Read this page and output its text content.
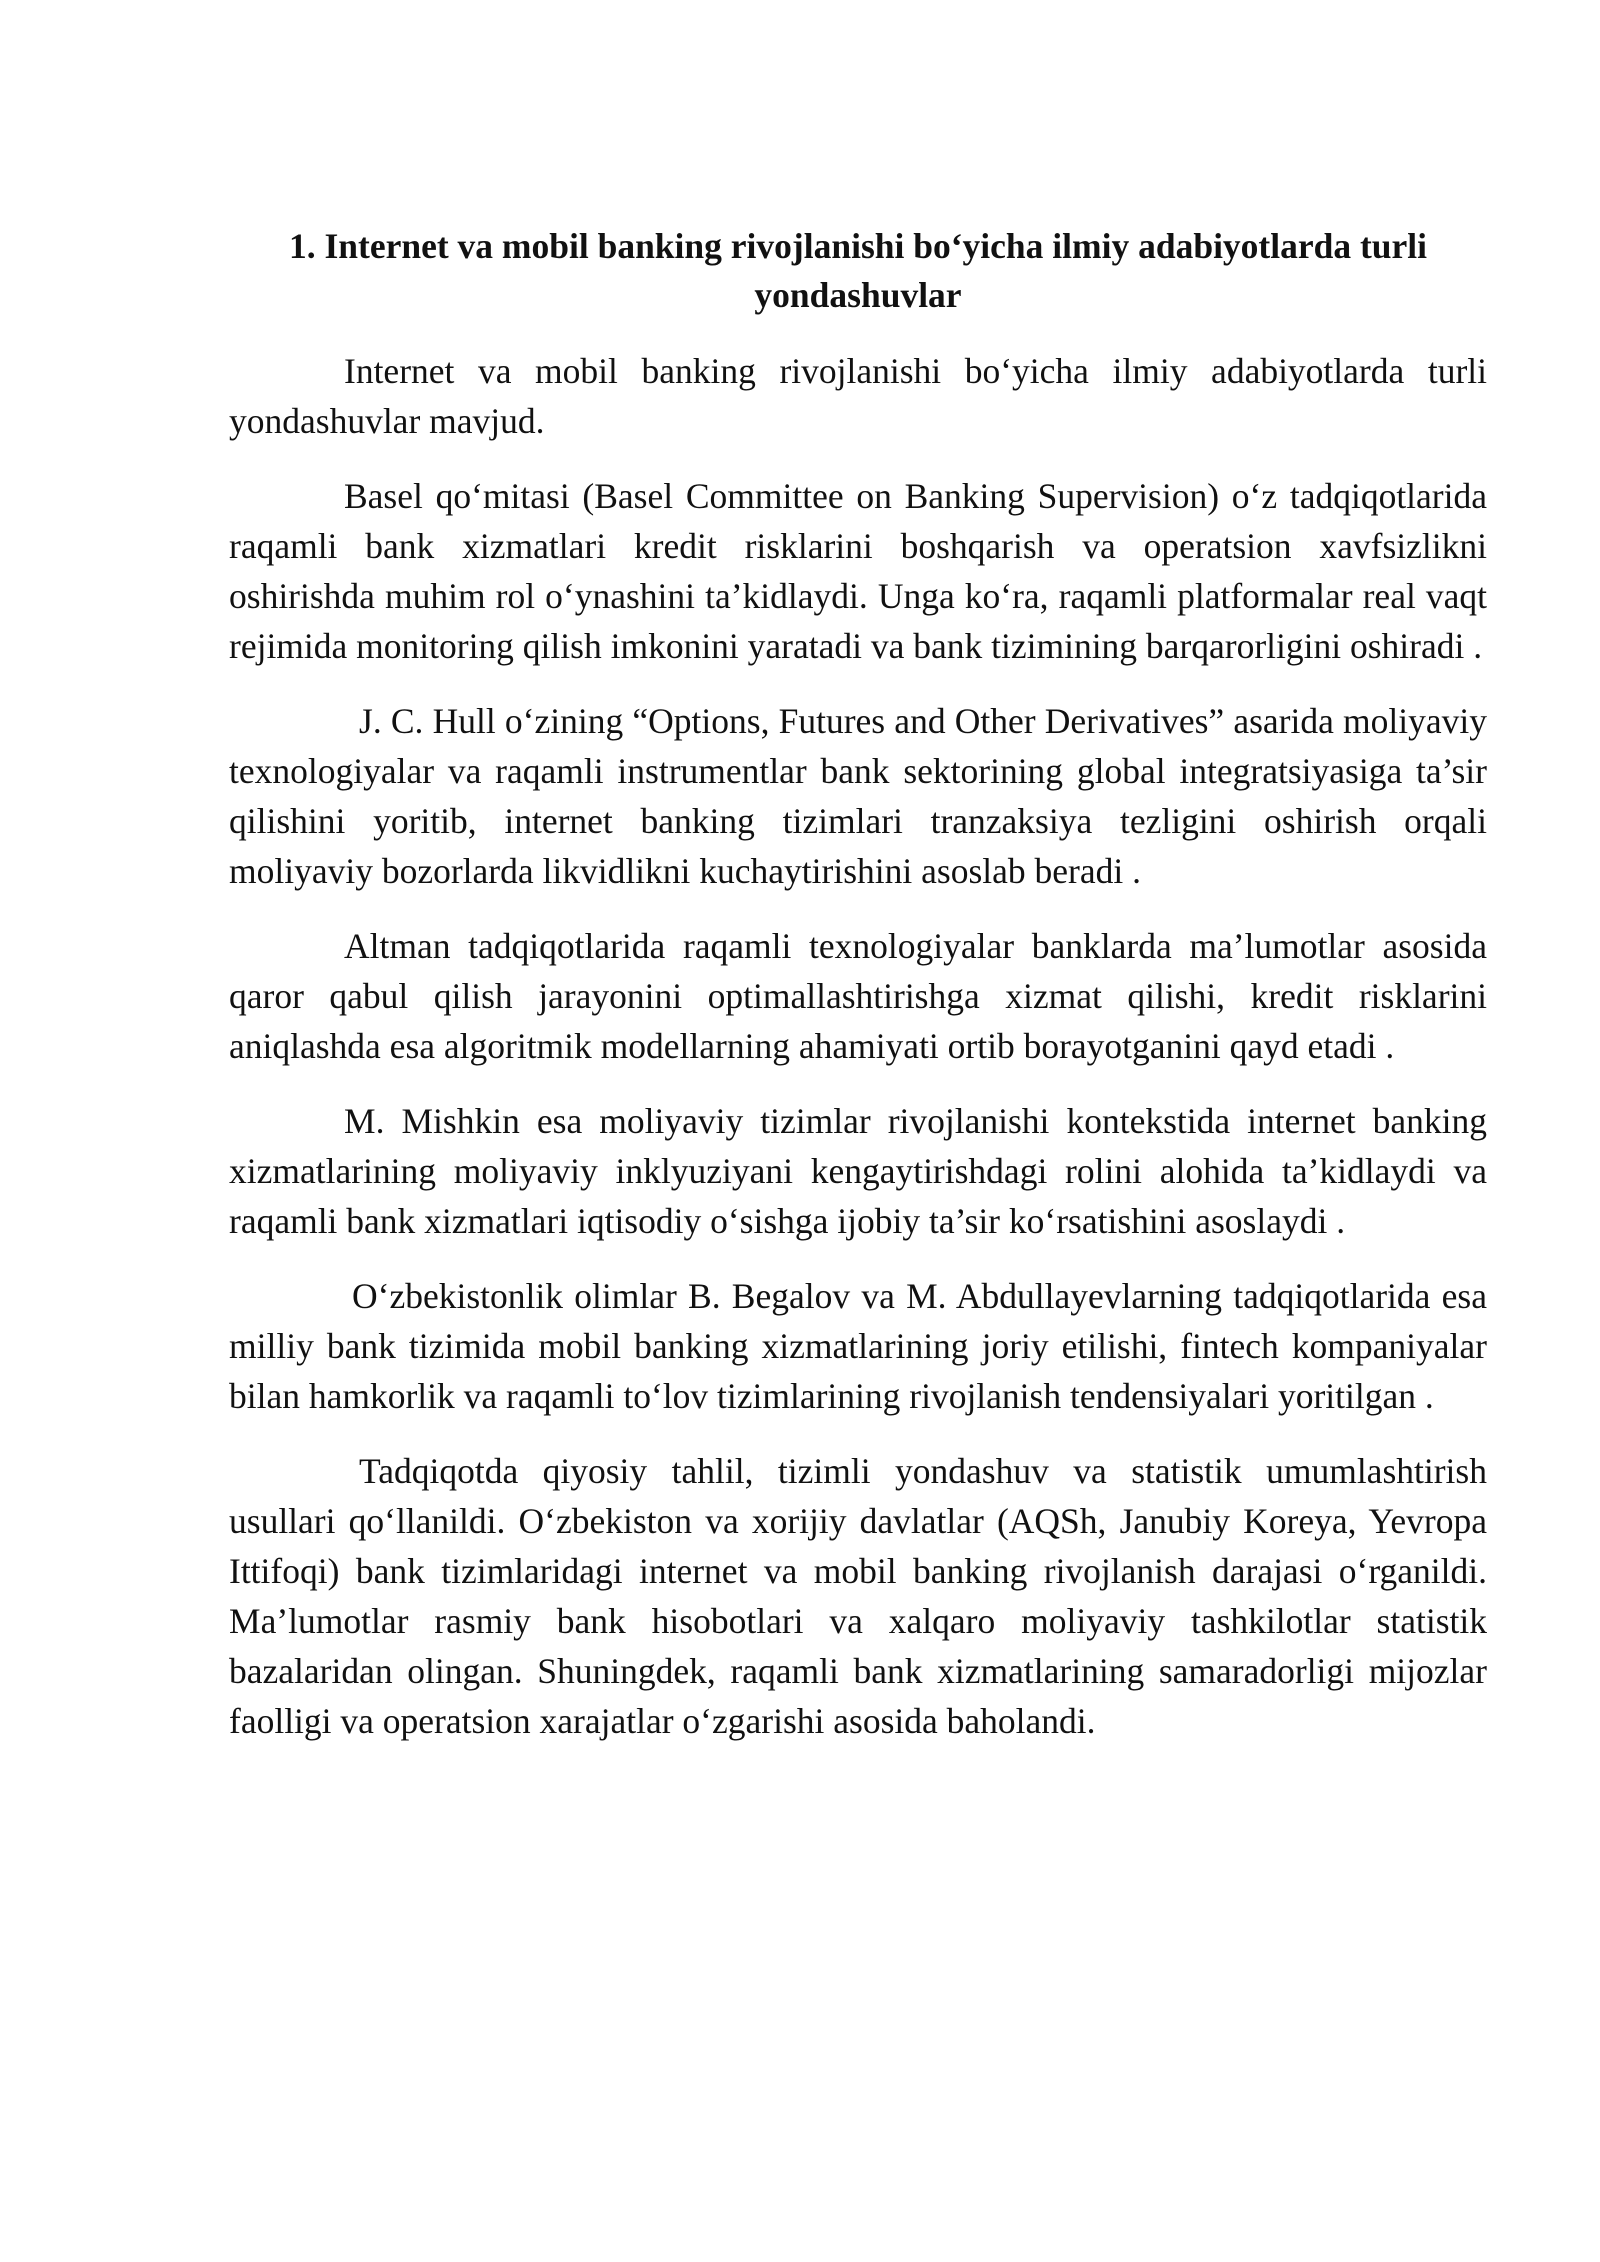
1. Internet va mobil banking rivojlanishi bo‘yicha ilmiy adabiyotlarda turli yondashuvlar

Internet va mobil banking rivojlanishi bo‘yicha ilmiy adabiyotlarda turli yondashuvlar mavjud.

Basel qo‘mitasi (Basel Committee on Banking Supervision) o‘z tadqiqotlarida raqamli bank xizmatlari kredit risklarini boshqarish va operatsion xavfsizlikni oshirishda muhim rol o‘ynashini ta’kidlaydi. Unga ko‘ra, raqamli platformalar real vaqt rejimida monitoring qilish imkonini yaratadi va bank tizimining barqarorligini oshiradi .

J. C. Hull o‘zining “Options, Futures and Other Derivatives” asarida moliyaviy texnologiyalar va raqamli instrumentlar bank sektorining global integratsiyasiga ta’sir qilishini yoritib, internet banking tizimlari tranzaksiya tezligini oshirish orqali moliyaviy bozorlarda likvidlikni kuchaytirishini asoslab beradi .

Altman tadqiqotlarida raqamli texnologiyalar banklarda ma’lumotlar asosida qaror qabul qilish jarayonini optimallashtirishga xizmat qilishi, kredit risklarini aniqlashda esa algoritmik modellarning ahamiyati ortib borayotganini qayd etadi .

M. Mishkin esa moliyaviy tizimlar rivojlanishi kontekstida internet banking xizmatlarining moliyaviy inklyuziyani kengaytirishdagi rolini alohida ta’kidlaydi va raqamli bank xizmatlari iqtisodiy o‘sishga ijobiy ta’sir ko‘rsatishini asoslaydi .

O‘zbekistonlik olimlar B. Begalov va M. Abdullayevlarning tadqiqotlarida esa milliy bank tizimida mobil banking xizmatlarining joriy etilishi, fintech kompaniyalar bilan hamkorlik va raqamli to‘lov tizimlarining rivojlanish tendensiyalari yoritilgan .

Tadqiqotda qiyosiy tahlil, tizimli yondashuv va statistik umumlashtirish usullari qo‘llanildi. O‘zbekiston va xorijiy davlatlar (AQSh, Janubiy Koreya, Yevropa Ittifoqi) bank tizimlaridagi internet va mobil banking rivojlanish darajasi o‘rganildi. Ma’lumotlar rasmiy bank hisobotlari va xalqaro moliyaviy tashkilotlar statistik bazalaridan olingan. Shuningdek, raqamli bank xizmatlarining samaradorligi mijozlar faolligi va operatsion xarajatlar o‘zgarishi asosida baholandi.
